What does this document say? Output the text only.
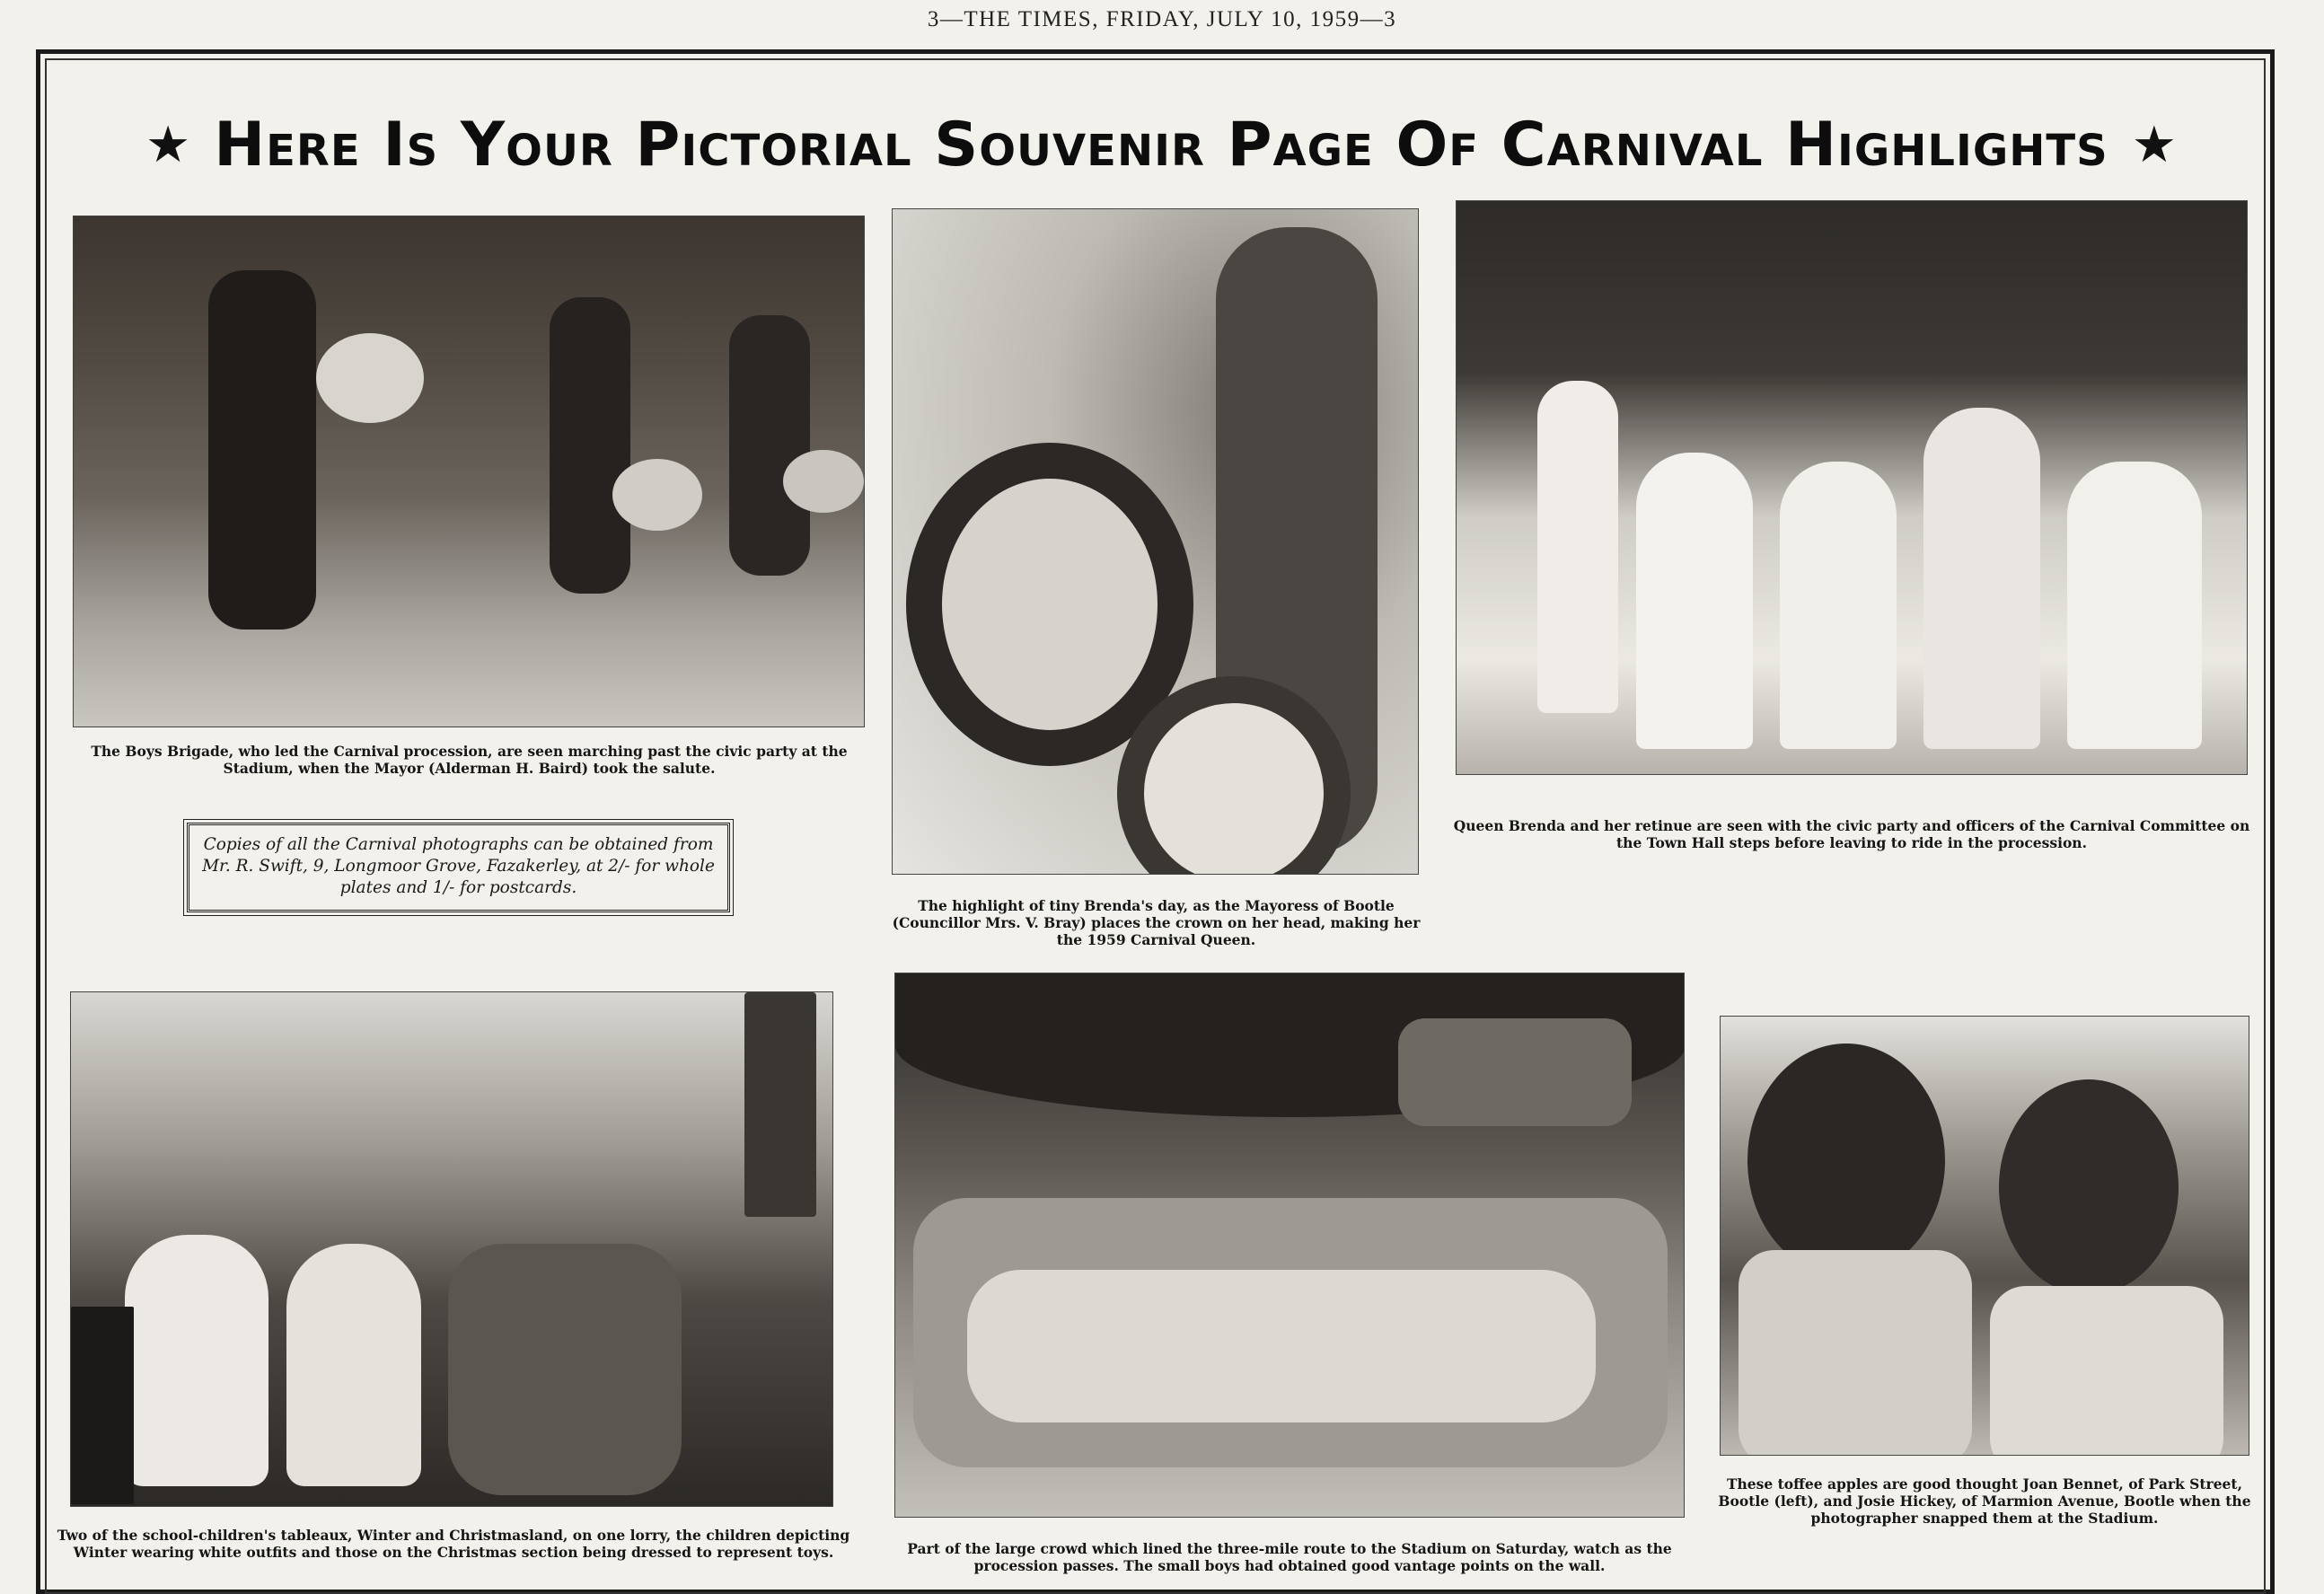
3—THE TIMES, FRIDAY, JULY 10, 1959—3
★ Here Is Your Pictorial Souvenir Page Of Carnival Highlights ★
The Boys Brigade, who led the Carnival procession, are seen marching past the civic party at the Stadium, when the Mayor (Alderman H. Baird) took the salute.
Copies of all the Carnival photographs can be obtained from Mr. R. Swift, 9, Longmoor Grove, Fazakerley, at 2/- for whole plates and 1/- for postcards.
The highlight of tiny Brenda's day, as the Mayoress of Bootle (Councillor Mrs. V. Bray) places the crown on her head, making her the 1959 Carnival Queen.
Queen Brenda and her retinue are seen with the civic party and officers of the Carnival Committee on the Town Hall steps before leaving to ride in the procession.
Two of the school-children's tableaux, Winter and Christmasland, on one lorry, the children depicting Winter wearing white outfits and those on the Christmas section being dressed to represent toys.	Part of the large crowd which lined the three-mile route to the Stadium on Saturday, watch as the procession passes. The small boys had obtained good vantage points on the wall.
These toffee apples are good thought Joan Bennet, of Park Street, Bootle (left), and Josie Hickey, of Marmion Avenue, Bootle when the photographer snapped them at the Stadium.
